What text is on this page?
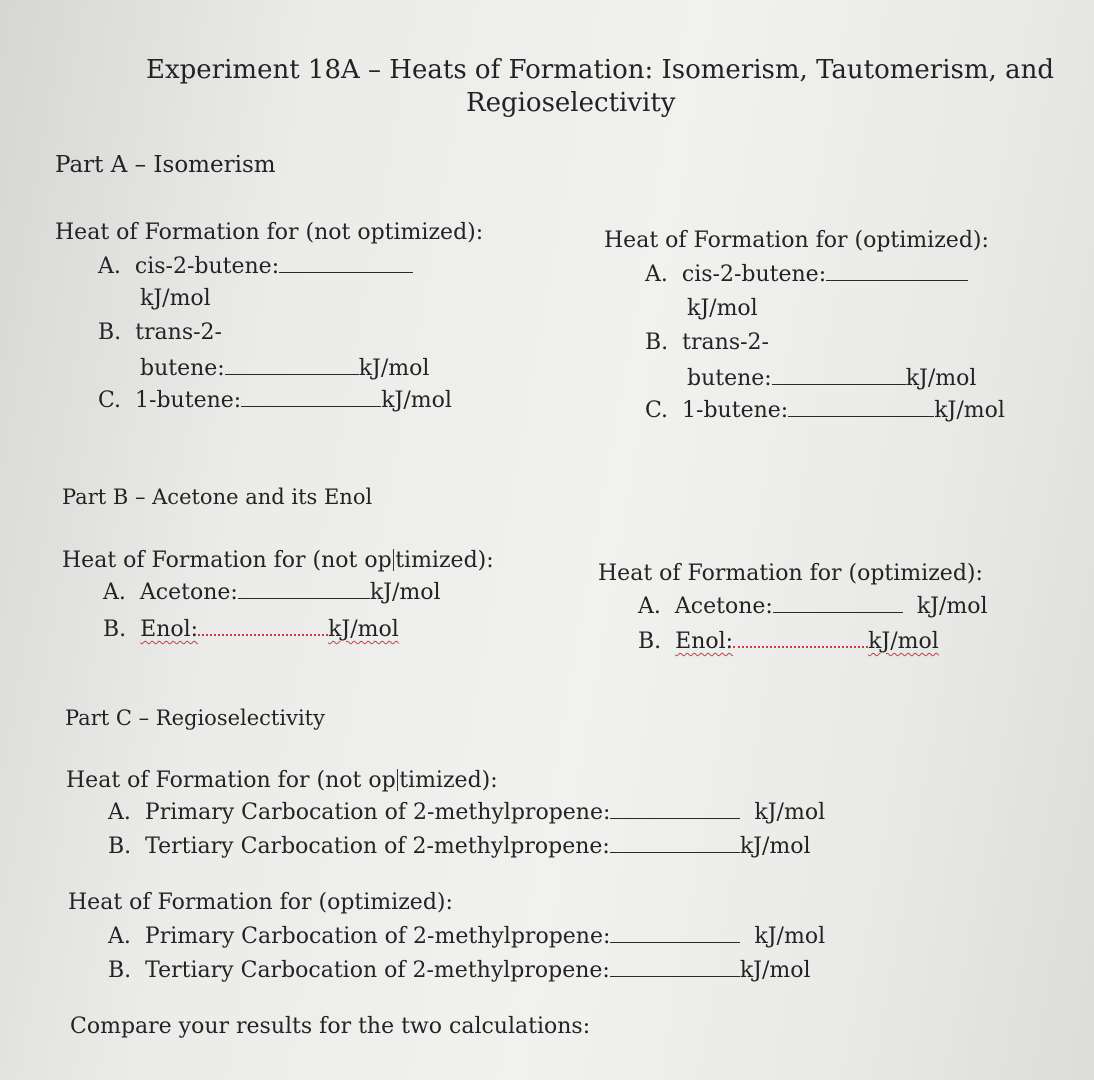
Experiment 18A – Heats of Formation: Isomerism, Tautomerism, and
Regioselectivity
Part A – Isomerism
Heat of Formation for (not optimized):
A. cis-2-butene:
kJ/mol
B. trans-2-
butene:	kJ/mol
C. 1-butene:	kJ/mol
Heat of Formation for (optimized):
A. cis-2-butene:
kJ/mol
B. trans-2-
butene:	kJ/mol
C. 1-butene:	kJ/mol
Part B – Acetone and its Enol
Heat of Formation for (not op timized):
A. Acetone:	kJ/mol
B. Enol:	kJ/mol
Heat of Formation for (optimized):
A. Acetone:	kJ/mol
B. Enol:	kJ/mol
Part C – Regioselectivity
Heat of Formation for (not op timized):
A. Primary Carbocation of 2-methylpropene:	kJ/mol
B. Tertiary Carbocation of 2-methylpropene:	kJ/mol
Heat of Formation for (optimized):
A. Primary Carbocation of 2-methylpropene:	kJ/mol
B. Tertiary Carbocation of 2-methylpropene:	kJ/mol
Compare your results for the two calculations:
